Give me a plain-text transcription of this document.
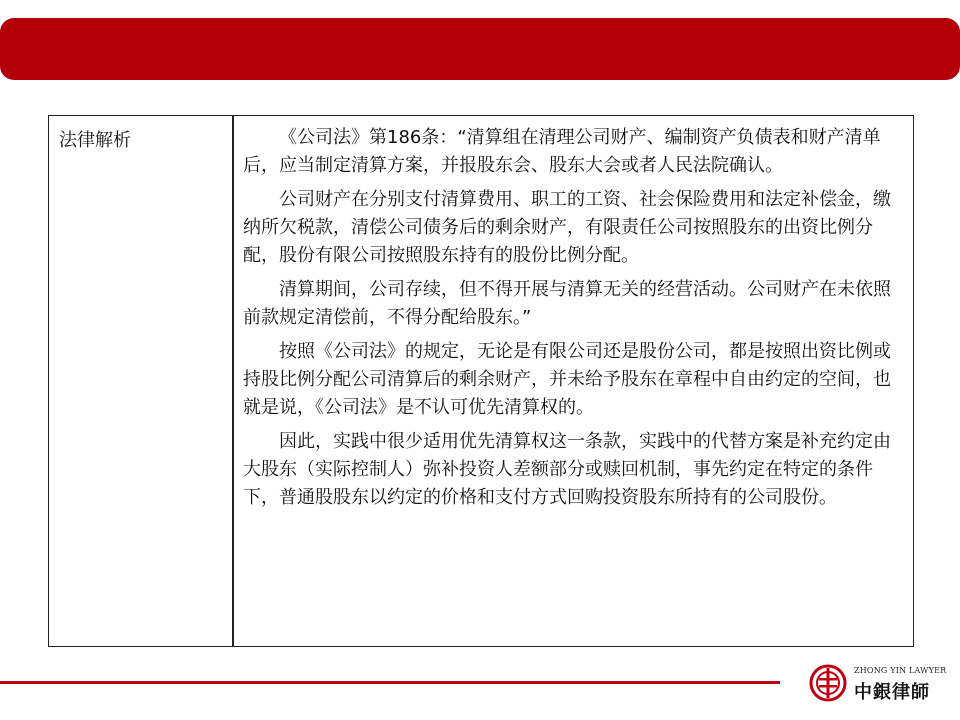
法律解析	《公司法》第186条：“清算组在清理公司财产、编制资产负债表和财产清单后，应当制定清算方案，并报股东会、股东大会或者人民法院确认。

公司财产在分别支付清算费用、职工的工资、社会保险费用和法定补偿金，缴纳所欠税款，清偿公司债务后的剩余财产，有限责任公司按照股东的出资比例分配，股份有限公司按照股东持有的股份比例分配。

清算期间，公司存续，但不得开展与清算无关的经营活动。公司财产在未依照前款规定清偿前，不得分配给股东。”

按照《公司法》的规定，无论是有限公司还是股份公司，都是按照出资比例或持股比例分配公司清算后的剩余财产，并未给予股东在章程中自由约定的空间，也就是说，《公司法》是不认可优先清算权的。

因此，实践中很少适用优先清算权这一条款，实践中的代替方案是补充约定由大股东（实际控制人）弥补投资人差额部分或赎回机制，事先约定在特定的条件下，普通股股东以约定的价格和支付方式回购投资股东所持有的公司股份。

ZHONG YIN LAWYER
中銀律師
